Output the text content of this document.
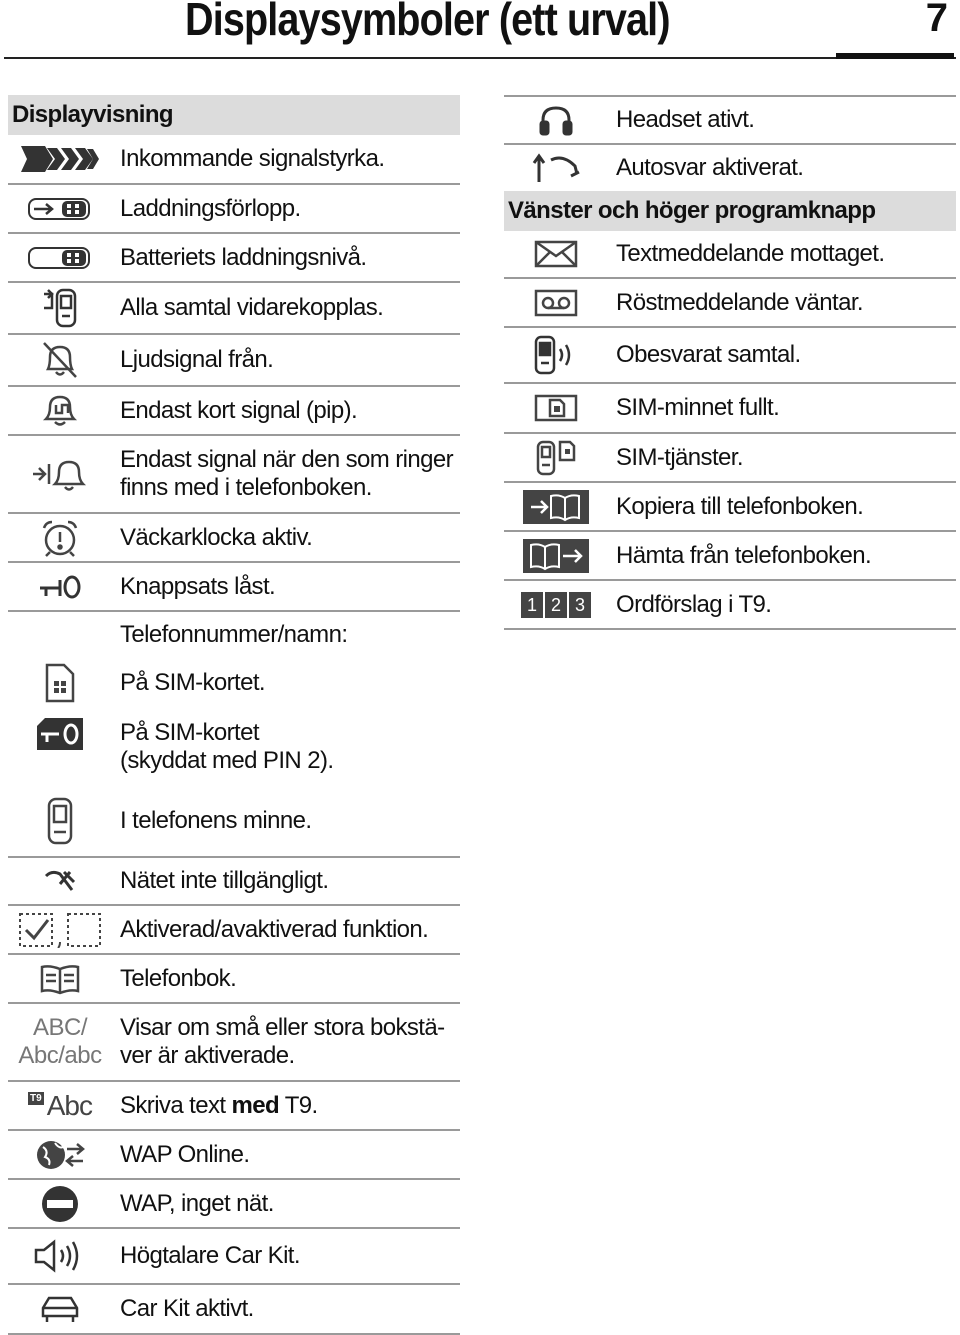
Displaysymboler (ett urval)	7
Displayvisning
Inkommande signalstyrka.
Laddningsförlopp.
Batteriets laddningsnivå.
Alla samtal vidarekopplas.
Ljudsignal från.
Endast kort signal (pip).
Endast signal när den som ringer
finns med i telefonboken.
Väckarklocka aktiv.
Knappsats låst.
Telefonnummer/namn:
På SIM-kortet.
På SIM-kortet
(skyddat med PIN 2).
I telefonens minne.
Nätet inte tillgängligt.
Aktiverad/avaktiverad funktion.
Telefonbok.
ABC/
Abc/abc
Visar om små eller stora bokstä-
ver är aktiverade.
T9 Abc Skriva text med T9.
WAP Online.
WAP, inget nät.
Högtalare Car Kit.
Car Kit aktivt.
Headset ativt.
Autosvar aktiverat.
Vänster och höger programknapp
Textmeddelande mottaget.
Röstmeddelande väntar.
Obesvarat samtal.
SIM-minnet fullt.
SIM-tjänster.
Kopiera till telefonboken.
Hämta från telefonboken.
1 2 3 Ordförslag i T9.
